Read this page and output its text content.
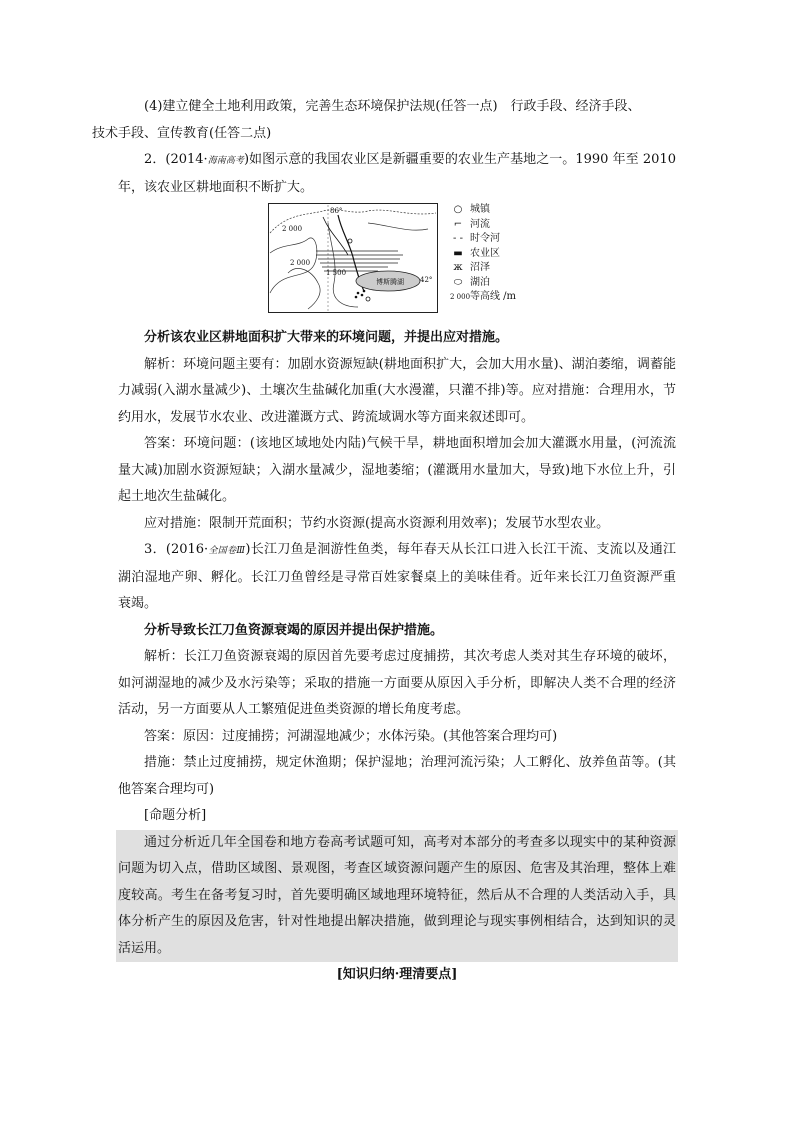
(4)建立健全土地利用政策，完善生态环境保护法规(任答一点)　行政手段、经济手段、
技术手段、宣传教育(任答二点)

2．(2014·海南高考)如图示意的我国农业区是新疆重要的农业生产基地之一。1990 年至 2010 年，该农业区耕地面积不断扩大。

博斯腾湖 42°
86°
2 000
2 000
1 500
○ 城镇
⌐ 河流
- - 时令河
▬ 农业区
ж 沼泽
⬭ 湖泊
2 000等高线 /m

分析该农业区耕地面积扩大带来的环境问题，并提出应对措施。

解析：环境问题主要有：加剧水资源短缺(耕地面积扩大，会加大用水量)、湖泊萎缩，调蓄能力减弱(入湖水量减少)、土壤次生盐碱化加重(大水漫灌，只灌不排)等。应对措施：合理用水，节约用水，发展节水农业、改进灌溉方式、跨流域调水等方面来叙述即可。

答案：环境问题：(该地区域地处内陆)气候干旱，耕地面积增加会加大灌溉水用量，(河流流量大减)加剧水资源短缺；入湖水量减少，湿地萎缩；(灌溉用水量加大，导致)地下水位上升，引起土地次生盐碱化。

应对措施：限制开荒面积；节约水资源(提高水资源利用效率)；发展节水型农业。

3．(2016·全国卷Ⅲ)长江刀鱼是洄游性鱼类，每年春天从长江口进入长江干流、支流以及通江湖泊湿地产卵、孵化。长江刀鱼曾经是寻常百姓家餐桌上的美味佳肴。近年来长江刀鱼资源严重衰竭。

分析导致长江刀鱼资源衰竭的原因并提出保护措施。

解析：长江刀鱼资源衰竭的原因首先要考虑过度捕捞，其次考虑人类对其生存环境的破坏，如河湖湿地的减少及水污染等；采取的措施一方面要从原因入手分析，即解决人类不合理的经济活动，另一方面要从人工繁殖促进鱼类资源的增长角度考虑。

答案：原因：过度捕捞；河湖湿地减少；水体污染。(其他答案合理均可)

措施：禁止过度捕捞，规定休渔期；保护湿地；治理河流污染；人工孵化、放养鱼苗等。(其他答案合理均可)

[命题分析]

通过分析近几年全国卷和地方卷高考试题可知，高考对本部分的考查多以现实中的某种资源问题为切入点，借助区域图、景观图，考查区域资源问题产生的原因、危害及其治理，整体上难度较高。考生在备考复习时，首先要明确区域地理环境特征，然后从不合理的人类活动入手，具体分析产生的原因及危害，针对性地提出解决措施，做到理论与现实事例相结合，达到知识的灵活运用。

[知识归纳·理清要点]
